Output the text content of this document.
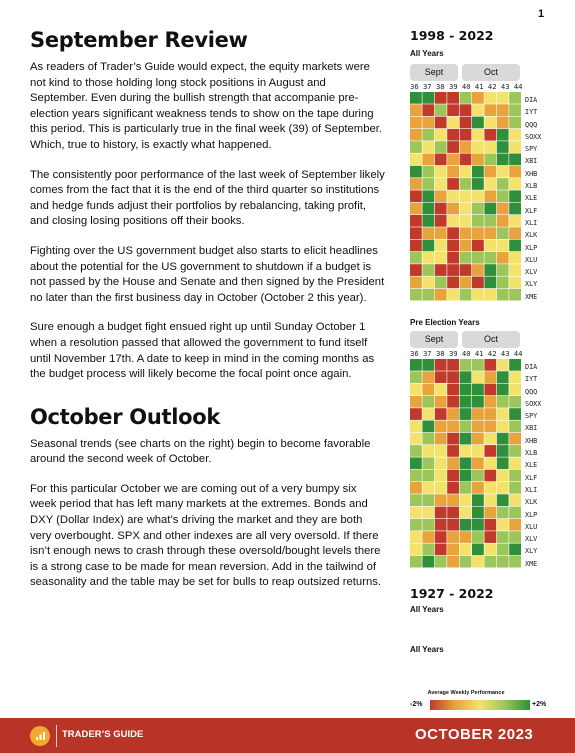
1
September Review

As readers of Trader’s Guide would expect, the equity markets were not kind to those holding long stock positions in August and September. Even during the bullish strength that accompanie pre-election years significant weakness tends to show on the tape during this period. This is particularly true in the final week (39) of September. Which, true to history, is exactly what happened.

The consistently poor performance of the last week of September likely comes from the fact that it is the end of the third quarter so institutions and hedge funds adjust their portfolios by rebalancing, taking profit, and closing losing positions off their books.

Fighting over the US government budget also starts to elicit headlines about the potential for the US government to shutdown if a budget is not passed by the House and Senate and then signed by the President no later than the first business day in October (October 2 this year).

Sure enough a budget fight ensued right up until Sunday October 1 when a resolution passed that allowed the government to fund itself until November 17th. A date to keep in mind in the coming months as the budget process will likely become the focal point once again.

October Outlook

Seasonal trends (see charts on the right) begin to become favorable around the second week of October.

For this particular October we are coming out of a very bumpy six week period that has left many markets at the extremes. Bonds and DXY (Dollar Index) are what’s driving the market and they are both very overbought. SPX and other indexes are all very oversold. If there isn’t enough news to crash through these oversold/bought levels there is a strong case to be made for mean reversion. Add in the tailwind of seasonality and the table may be set for bulls to reap outsized returns.

1998 - 2022
All Years
Sept	Oct
36 37 38 39 40 41 42 43 44
DIA
IYT
QQQ
SOXX
SPY
XBI
XHB
XLB
XLE
XLF
XLI
XLK
XLP
XLU
XLV
XLY
XME
Pre Election Years
Sept	Oct
36 37 38 39 40 41 42 43 44
DIA
IYT
QQQ
SOXX
SPY
XBI
XHB
XLB
XLE
XLF
XLI
XLK
XLP
XLU
XLV
XLY
XME
1927 - 2022
All Years
All Years
Average Weekly Performance
-2%	+2%
TRADER’S GUIDE	OCTOBER 2023
